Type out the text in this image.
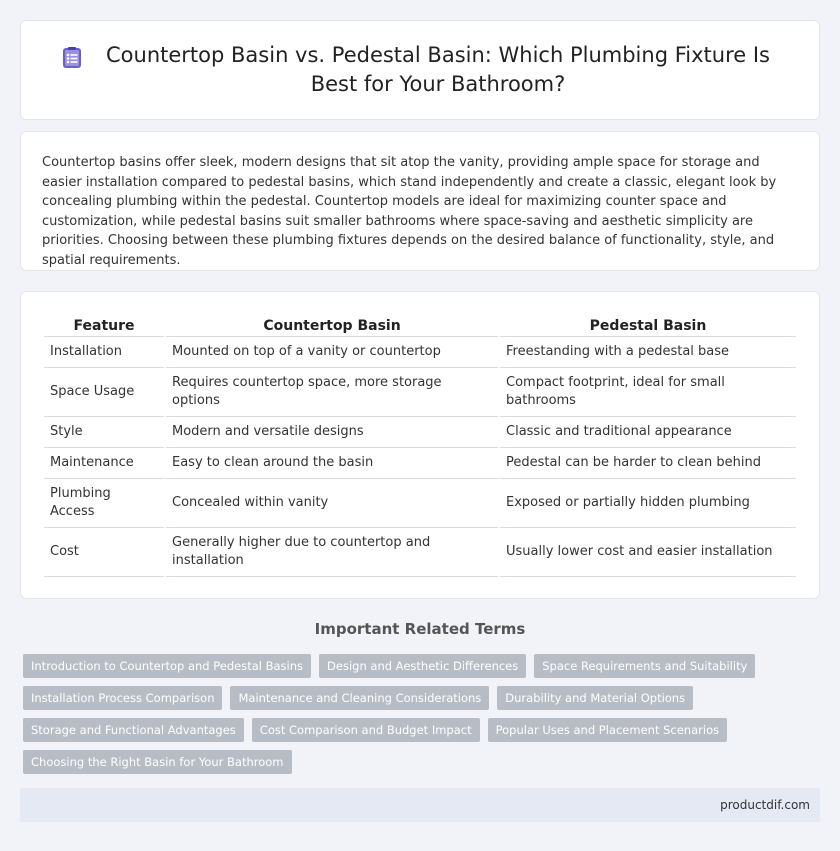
Countertop Basin vs. Pedestal Basin: Which Plumbing Fixture Is Best for Your Bathroom?

Countertop basins offer sleek, modern designs that sit atop the vanity, providing ample space for storage and easier installation compared to pedestal basins, which stand independently and create a classic, elegant look by concealing plumbing within the pedestal. Countertop models are ideal for maximizing counter space and customization, while pedestal basins suit smaller bathrooms where space-saving and aesthetic simplicity are priorities. Choosing between these plumbing fixtures depends on the desired balance of functionality, style, and spatial requirements.

Feature	Countertop Basin	Pedestal Basin
Installation	Mounted on top of a vanity or countertop	Freestanding with a pedestal base
Space Usage	Requires countertop space, more storage options	Compact footprint, ideal for small bathrooms
Style	Modern and versatile designs	Classic and traditional appearance
Maintenance	Easy to clean around the basin	Pedestal can be harder to clean behind
Plumbing Access	Concealed within vanity	Exposed or partially hidden plumbing
Cost	Generally higher due to countertop and installation	Usually lower cost and easier installation
Important Related Terms
Introduction to Countertop and Pedestal Basins	Design and Aesthetic Differences	Space Requirements and Suitability
Installation Process Comparison	Maintenance and Cleaning Considerations	Durability and Material Options
Storage and Functional Advantages	Cost Comparison and Budget Impact	Popular Uses and Placement Scenarios
Choosing the Right Basin for Your Bathroom
productdif.com
